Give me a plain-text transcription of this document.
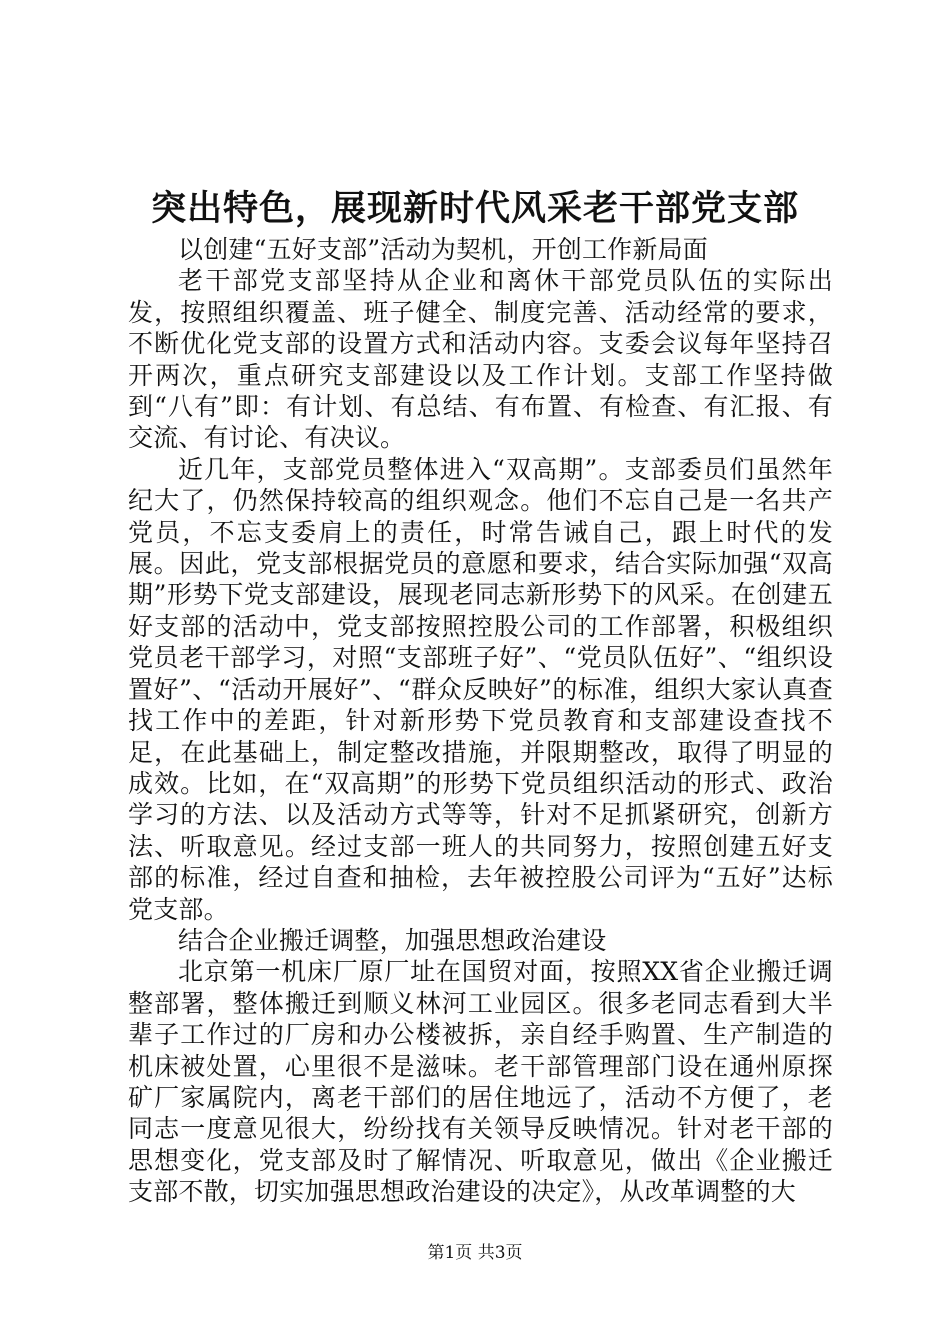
突出特色，展现新时代风采老干部党支部

以创建“五好支部”活动为契机，开创工作新局面

老干部党支部坚持从企业和离休干部党员队伍的实际出发，按照组织覆盖、班子健全、制度完善、活动经常的要求，不断优化党支部的设置方式和活动内容。支委会议每年坚持召开两次，重点研究支部建设以及工作计划。支部工作坚持做到“八有”即：有计划、有总结、有布置、有检查、有汇报、有交流、有讨论、有决议。

近几年，支部党员整体进入“双高期”。支部委员们虽然年纪大了，仍然保持较高的组织观念。他们不忘自己是一名共产党员，不忘支委肩上的责任，时常告诫自己，跟上时代的发展。因此，党支部根据党员的意愿和要求，结合实际加强“双高期”形势下党支部建设，展现老同志新形势下的风采。在创建五好支部的活动中，党支部按照控股公司的工作部署，积极组织党员老干部学习，对照“支部班子好”、“党员队伍好”、“组织设置好”、“活动开展好”、“群众反映好”的标准，组织大家认真查找工作中的差距，针对新形势下党员教育和支部建设查找不足，在此基础上，制定整改措施，并限期整改，取得了明显的成效。比如，在“双高期”的形势下党员组织活动的形式、政治学习的方法、以及活动方式等等，针对不足抓紧研究，创新方法、听取意见。经过支部一班人的共同努力，按照创建五好支部的标准，经过自查和抽检，去年被控股公司评为“五好”达标党支部。

结合企业搬迁调整，加强思想政治建设

北京第一机床厂原厂址在国贸对面，按照XX省企业搬迁调整部署，整体搬迁到顺义林河工业园区。很多老同志看到大半辈子工作过的厂房和办公楼被拆，亲自经手购置、生产制造的机床被处置，心里很不是滋味。老干部管理部门设在通州原探矿厂家属院内，离老干部们的居住地远了，活动不方便了，老同志一度意见很大，纷纷找有关领导反映情况。针对老干部的思想变化，党支部及时了解情况、听取意见，做出《企业搬迁支部不散，切实加强思想政治建设的决定》，从改革调整的大

第1页 共3页
